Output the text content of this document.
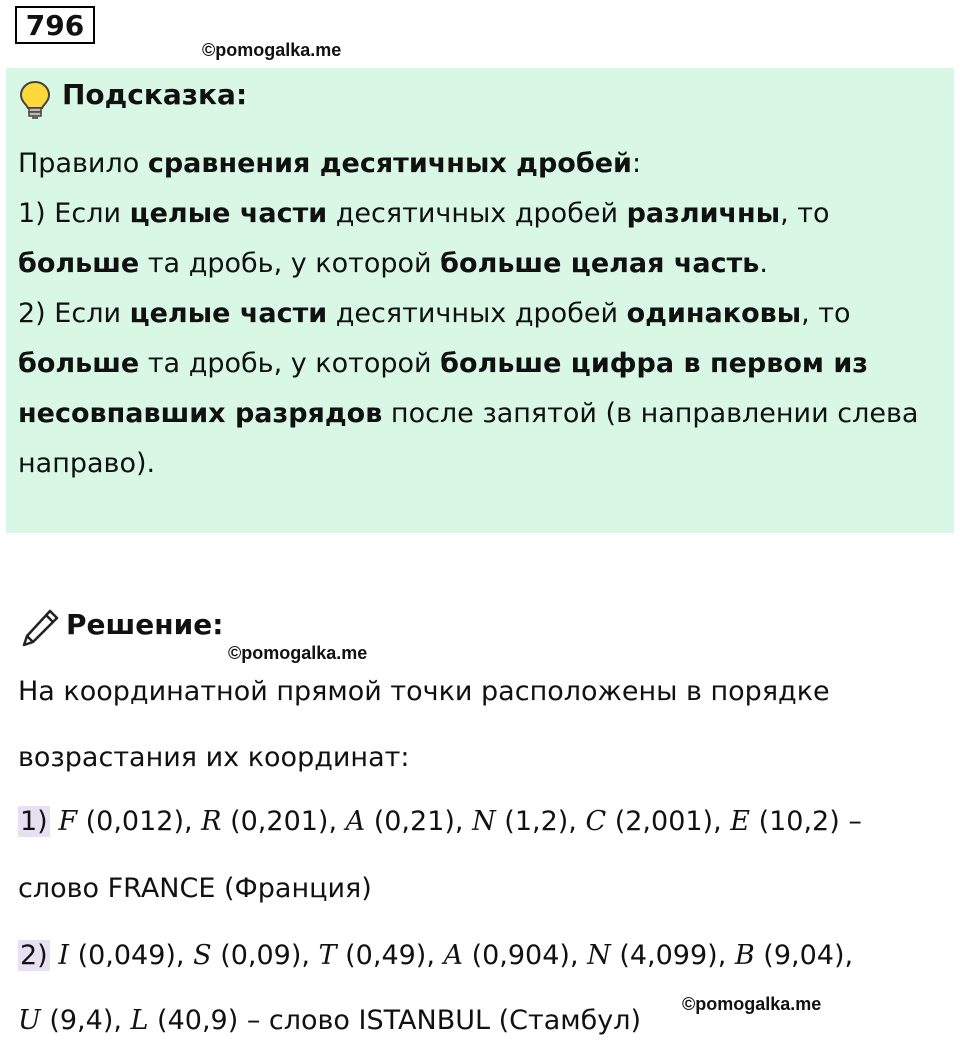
796
©pomogalka.me
Подсказка:
Правило сравнения десятичных дробей:
1) Если целые части десятичных дробей различны, то
больше та дробь, у которой больше целая часть.
2) Если целые части десятичных дробей одинаковы, то
больше та дробь, у которой больше цифра в первом из
несовпавших разрядов после запятой (в направлении слева
направо).
Решение:
©pomogalka.me
На координатной прямой точки расположены в порядке
возрастания их координат:
1) F (0,012), R (0,201), A (0,21), N (1,2), C (2,001), E (10,2) –
слово FRANCE (Франция)
2) I (0,049), S (0,09), T (0,49), A (0,904), N (4,099), B (9,04),
U (9,4), L (40,9) – слово ISTANBUL (Стамбул)
©pomogalka.me
